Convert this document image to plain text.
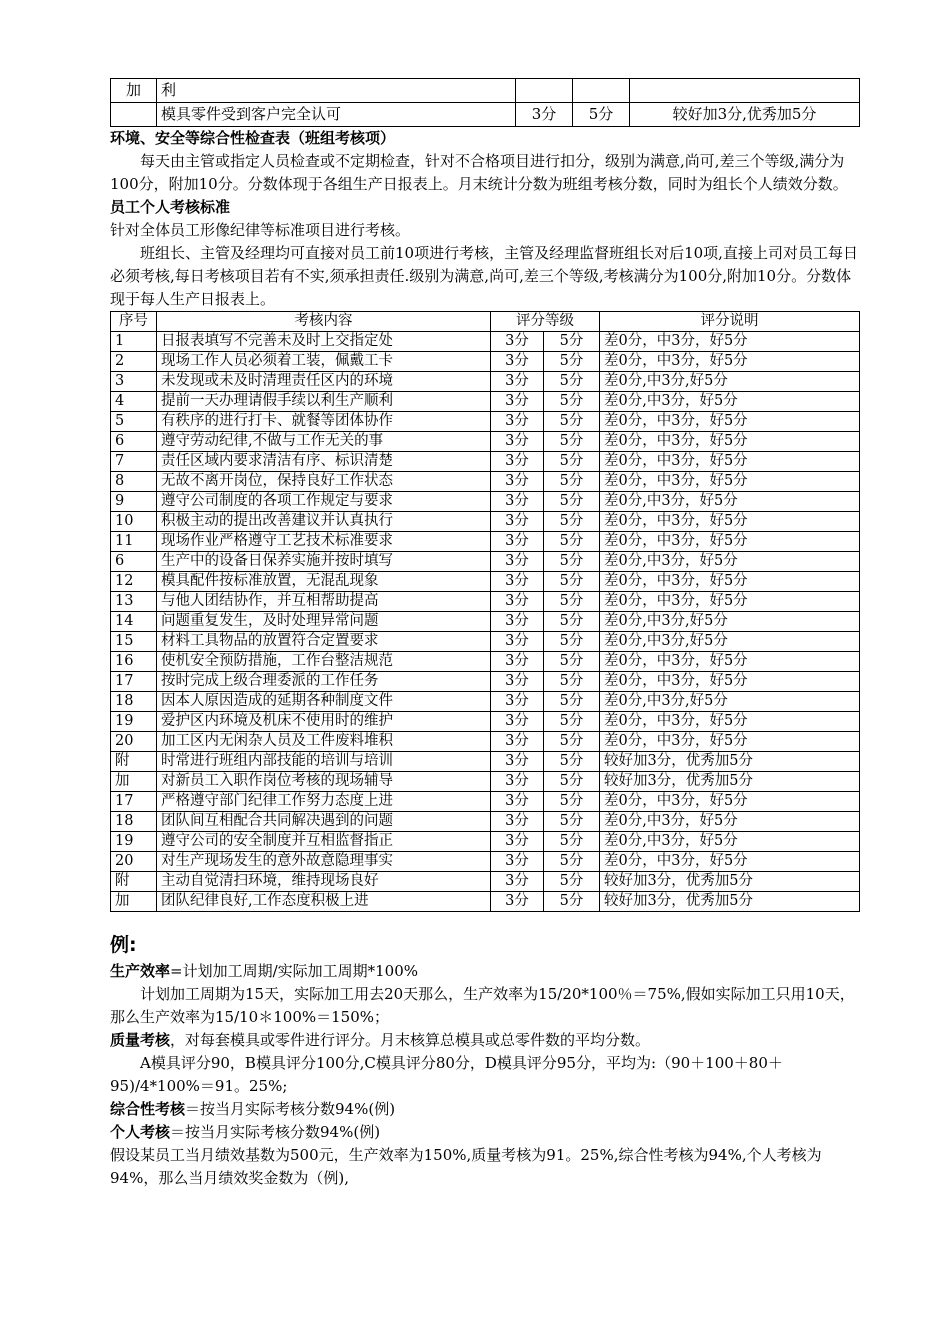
加	利			
	模具零件受到客户完全认可	3分	5分	较好加3分,优秀加5分

环境、安全等综合性检查表（班组考核项）

每天由主管或指定人员检查或不定期检查，针对不合格项目进行扣分，级别为满意,尚可,差三个等级,满分为100分，附加10分。分数体现于各组生产日报表上。月末统计分数为班组考核分数，同时为组长个人绩效分数。

员工个人考核标准

针对全体员工形像纪律等标准项目进行考核。

班组长、主管及经理均可直接对员工前10项进行考核，主管及经理监督班组长对后10项,直接上司对员工每日必须考核,每日考核项目若有不实,须承担责任.级别为满意,尚可,差三个等级,考核满分为100分,附加10分。分数体现于每人生产日报表上。

序号	考核内容	评分等级		评分说明
1	日报表填写不完善未及时上交指定处	3分	5分	差0分，中3分，好5分
2	现场工作人员必须着工装，佩戴工卡	3分	5分	差0分，中3分，好5分
3	未发现或未及时清理责任区内的环境	3分	5分	差0分,中3分,好5分
4	提前一天办理请假手续以利生产顺利	3分	5分	差0分,中3分，好5分
5	有秩序的进行打卡、就餐等团体协作	3分	5分	差0分，中3分，好5分
6	遵守劳动纪律,不做与工作无关的事	3分	5分	差0分，中3分，好5分
7	责任区域内要求清洁有序、标识清楚	3分	5分	差0分，中3分，好5分
8	无故不离开岗位，保持良好工作状态	3分	5分	差0分，中3分，好5分
9	遵守公司制度的各项工作规定与要求	3分	5分	差0分,中3分，好5分
10	积极主动的提出改善建议并认真执行	3分	5分	差0分，中3分，好5分
11	现场作业严格遵守工艺技术标准要求	3分	5分	差0分，中3分，好5分
6	生产中的设备日保养实施并按时填写	3分	5分	差0分,中3分，好5分
12	模具配件按标准放置，无混乱现象	3分	5分	差0分，中3分，好5分
13	与他人团结协作，并互相帮助提高	3分	5分	差0分，中3分，好5分
14	问题重复发生，及时处理异常问题	3分	5分	差0分,中3分,好5分
15	材料工具物品的放置符合定置要求	3分	5分	差0分,中3分,好5分
16	使机安全预防措施，工作台整洁规范	3分	5分	差0分，中3分，好5分
17	按时完成上级合理委派的工作任务	3分	5分	差0分，中3分，好5分
18	因本人原因造成的延期各种制度文件	3分	5分	差0分,中3分,好5分
19	爱护区内环境及机床不使用时的维护	3分	5分	差0分，中3分，好5分
20	加工区内无闲杂人员及工件废料堆积	3分	5分	差0分，中3分，好5分
附	时常进行班组内部技能的培训与培训	3分	5分	较好加3分，优秀加5分
加	对新员工入职作岗位考核的现场辅导	3分	5分	较好加3分，优秀加5分
17	严格遵守部门纪律工作努力态度上进	3分	5分	差0分，中3分，好5分
18	团队间互相配合共同解决遇到的问题	3分	5分	差0分,中3分，好5分
19	遵守公司的安全制度并互相监督指正	3分	5分	差0分,中3分，好5分
20	对生产现场发生的意外故意隐理事实	3分	5分	差0分，中3分，好5分
附	主动自觉清扫环境，维持现场良好	3分	5分	较好加3分，优秀加5分
加	团队纪律良好,工作态度积极上进	3分	5分	较好加3分，优秀加5分

例:

生产效率=计划加工周期/实际加工周期*100%

计划加工周期为15天，实际加工用去20天那么，生产效率为15/20*100％＝75%,假如实际加工只用10天，那么生产效率为15/10＊100%＝150%；

质量考核，对每套模具或零件进行评分。月末核算总模具或总零件数的平均分数。

A模具评分90，B模具评分100分,C模具评分80分，D模具评分95分，平均为:（90＋100＋80＋95)/4*100%＝91。25%;

综合性考核＝按当月实际考核分数94%(例)

个人考核＝按当月实际考核分数94%(例)

假设某员工当月绩效基数为500元，生产效率为150%,质量考核为91。25%,综合性考核为94%,个人考核为94%，那么当月绩效奖金数为（例),
